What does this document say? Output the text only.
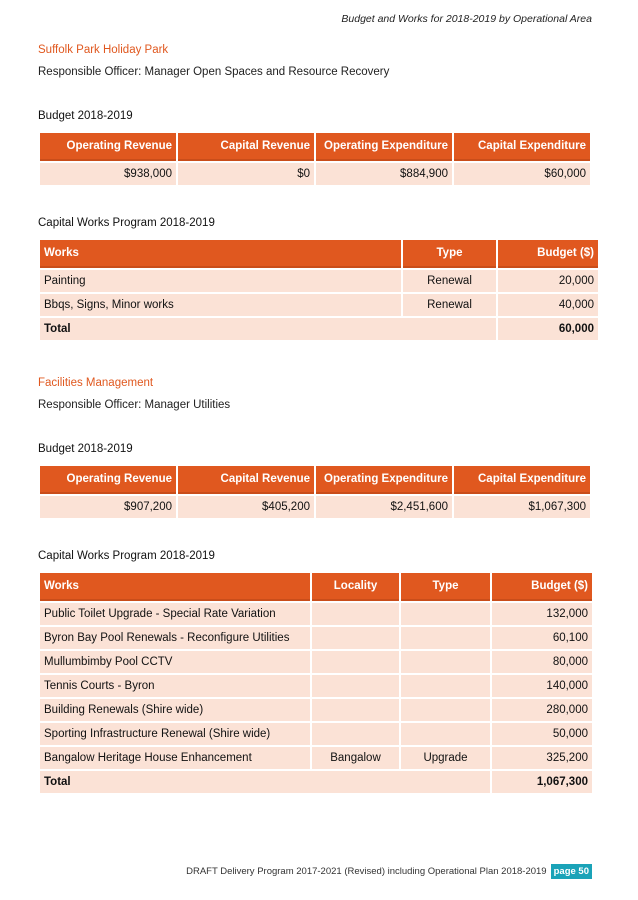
Budget and Works for 2018-2019 by Operational Area
Suffolk Park Holiday Park
Responsible Officer: Manager Open Spaces and Resource Recovery
Budget 2018-2019
Operating Revenue	Capital Revenue	Operating Expenditure	Capital Expenditure
$938,000	$0	$884,900	$60,000
Capital Works Program 2018-2019
Works	Type	Budget ($)
Painting	Renewal	20,000
Bbqs, Signs, Minor works	Renewal	40,000
Total		60,000
Facilities Management
Responsible Officer: Manager Utilities
Budget 2018-2019
Operating Revenue	Capital Revenue	Operating Expenditure	Capital Expenditure
$907,200	$405,200	$2,451,600	$1,067,300
Capital Works Program 2018-2019
Works	Locality	Type	Budget ($)
Public Toilet Upgrade - Special Rate Variation			132,000
Byron Bay Pool Renewals - Reconfigure Utilities			60,100
Mullumbimby Pool CCTV			80,000
Tennis Courts - Byron			140,000
Building Renewals (Shire wide)			280,000
Sporting Infrastructure Renewal (Shire wide)			50,000
Bangalow Heritage House Enhancement	Bangalow	Upgrade	325,200
Total			1,067,300
DRAFT Delivery Program 2017-2021 (Revised) including Operational Plan 2018-2019 page 50
